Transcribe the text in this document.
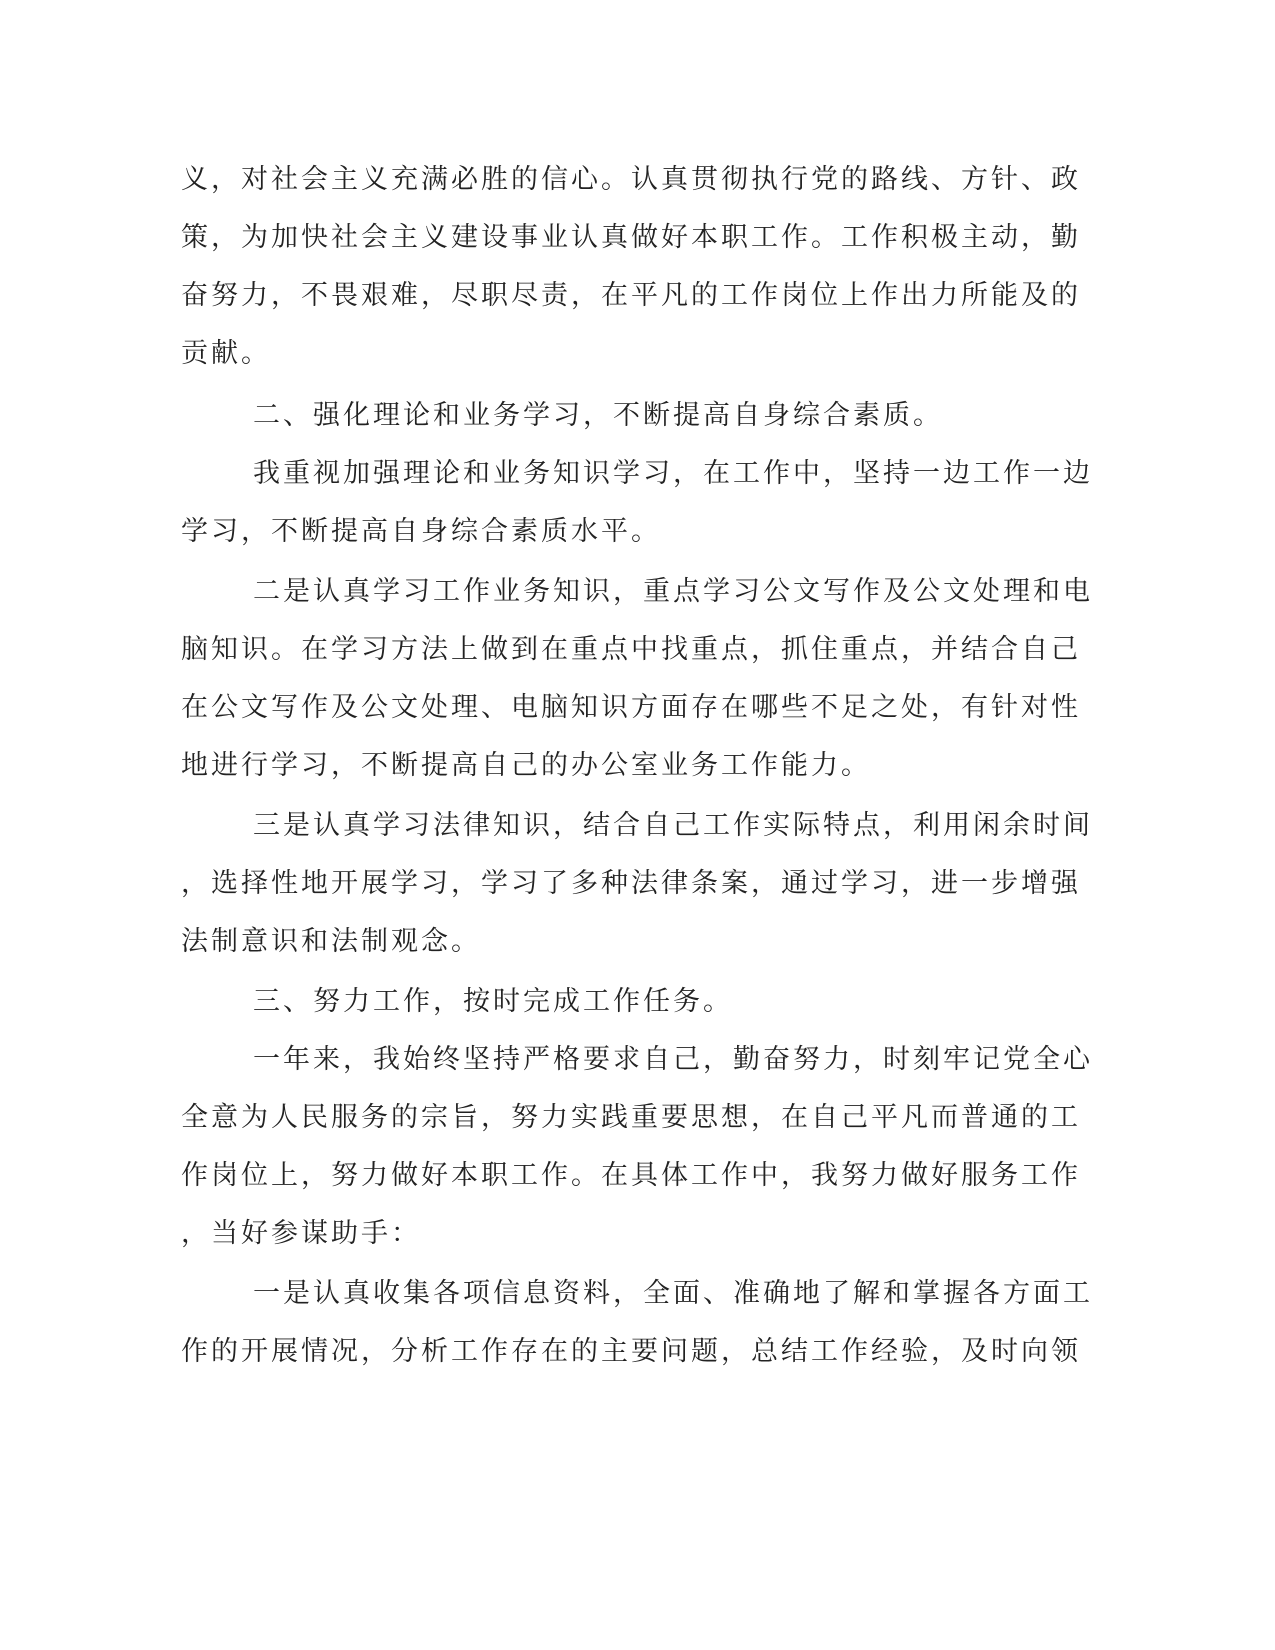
义，对社会主义充满必胜的信心。认真贯彻执行党的路线、方针、政
策，为加快社会主义建设事业认真做好本职工作。工作积极主动，勤
奋努力，不畏艰难，尽职尽责，在平凡的工作岗位上作出力所能及的
贡献。
二、强化理论和业务学习，不断提高自身综合素质。
我重视加强理论和业务知识学习，在工作中，坚持一边工作一边
学习，不断提高自身综合素质水平。
二是认真学习工作业务知识，重点学习公文写作及公文处理和电
脑知识。在学习方法上做到在重点中找重点，抓住重点，并结合自己
在公文写作及公文处理、电脑知识方面存在哪些不足之处，有针对性
地进行学习，不断提高自己的办公室业务工作能力。
三是认真学习法律知识，结合自己工作实际特点，利用闲余时间
，选择性地开展学习，学习了多种法律条案，通过学习，进一步增强
法制意识和法制观念。
三、努力工作，按时完成工作任务。
一年来，我始终坚持严格要求自己，勤奋努力，时刻牢记党全心
全意为人民服务的宗旨，努力实践重要思想，在自己平凡而普通的工
作岗位上，努力做好本职工作。在具体工作中，我努力做好服务工作
，当好参谋助手：
一是认真收集各项信息资料，全面、准确地了解和掌握各方面工
作的开展情况，分析工作存在的主要问题，总结工作经验，及时向领
